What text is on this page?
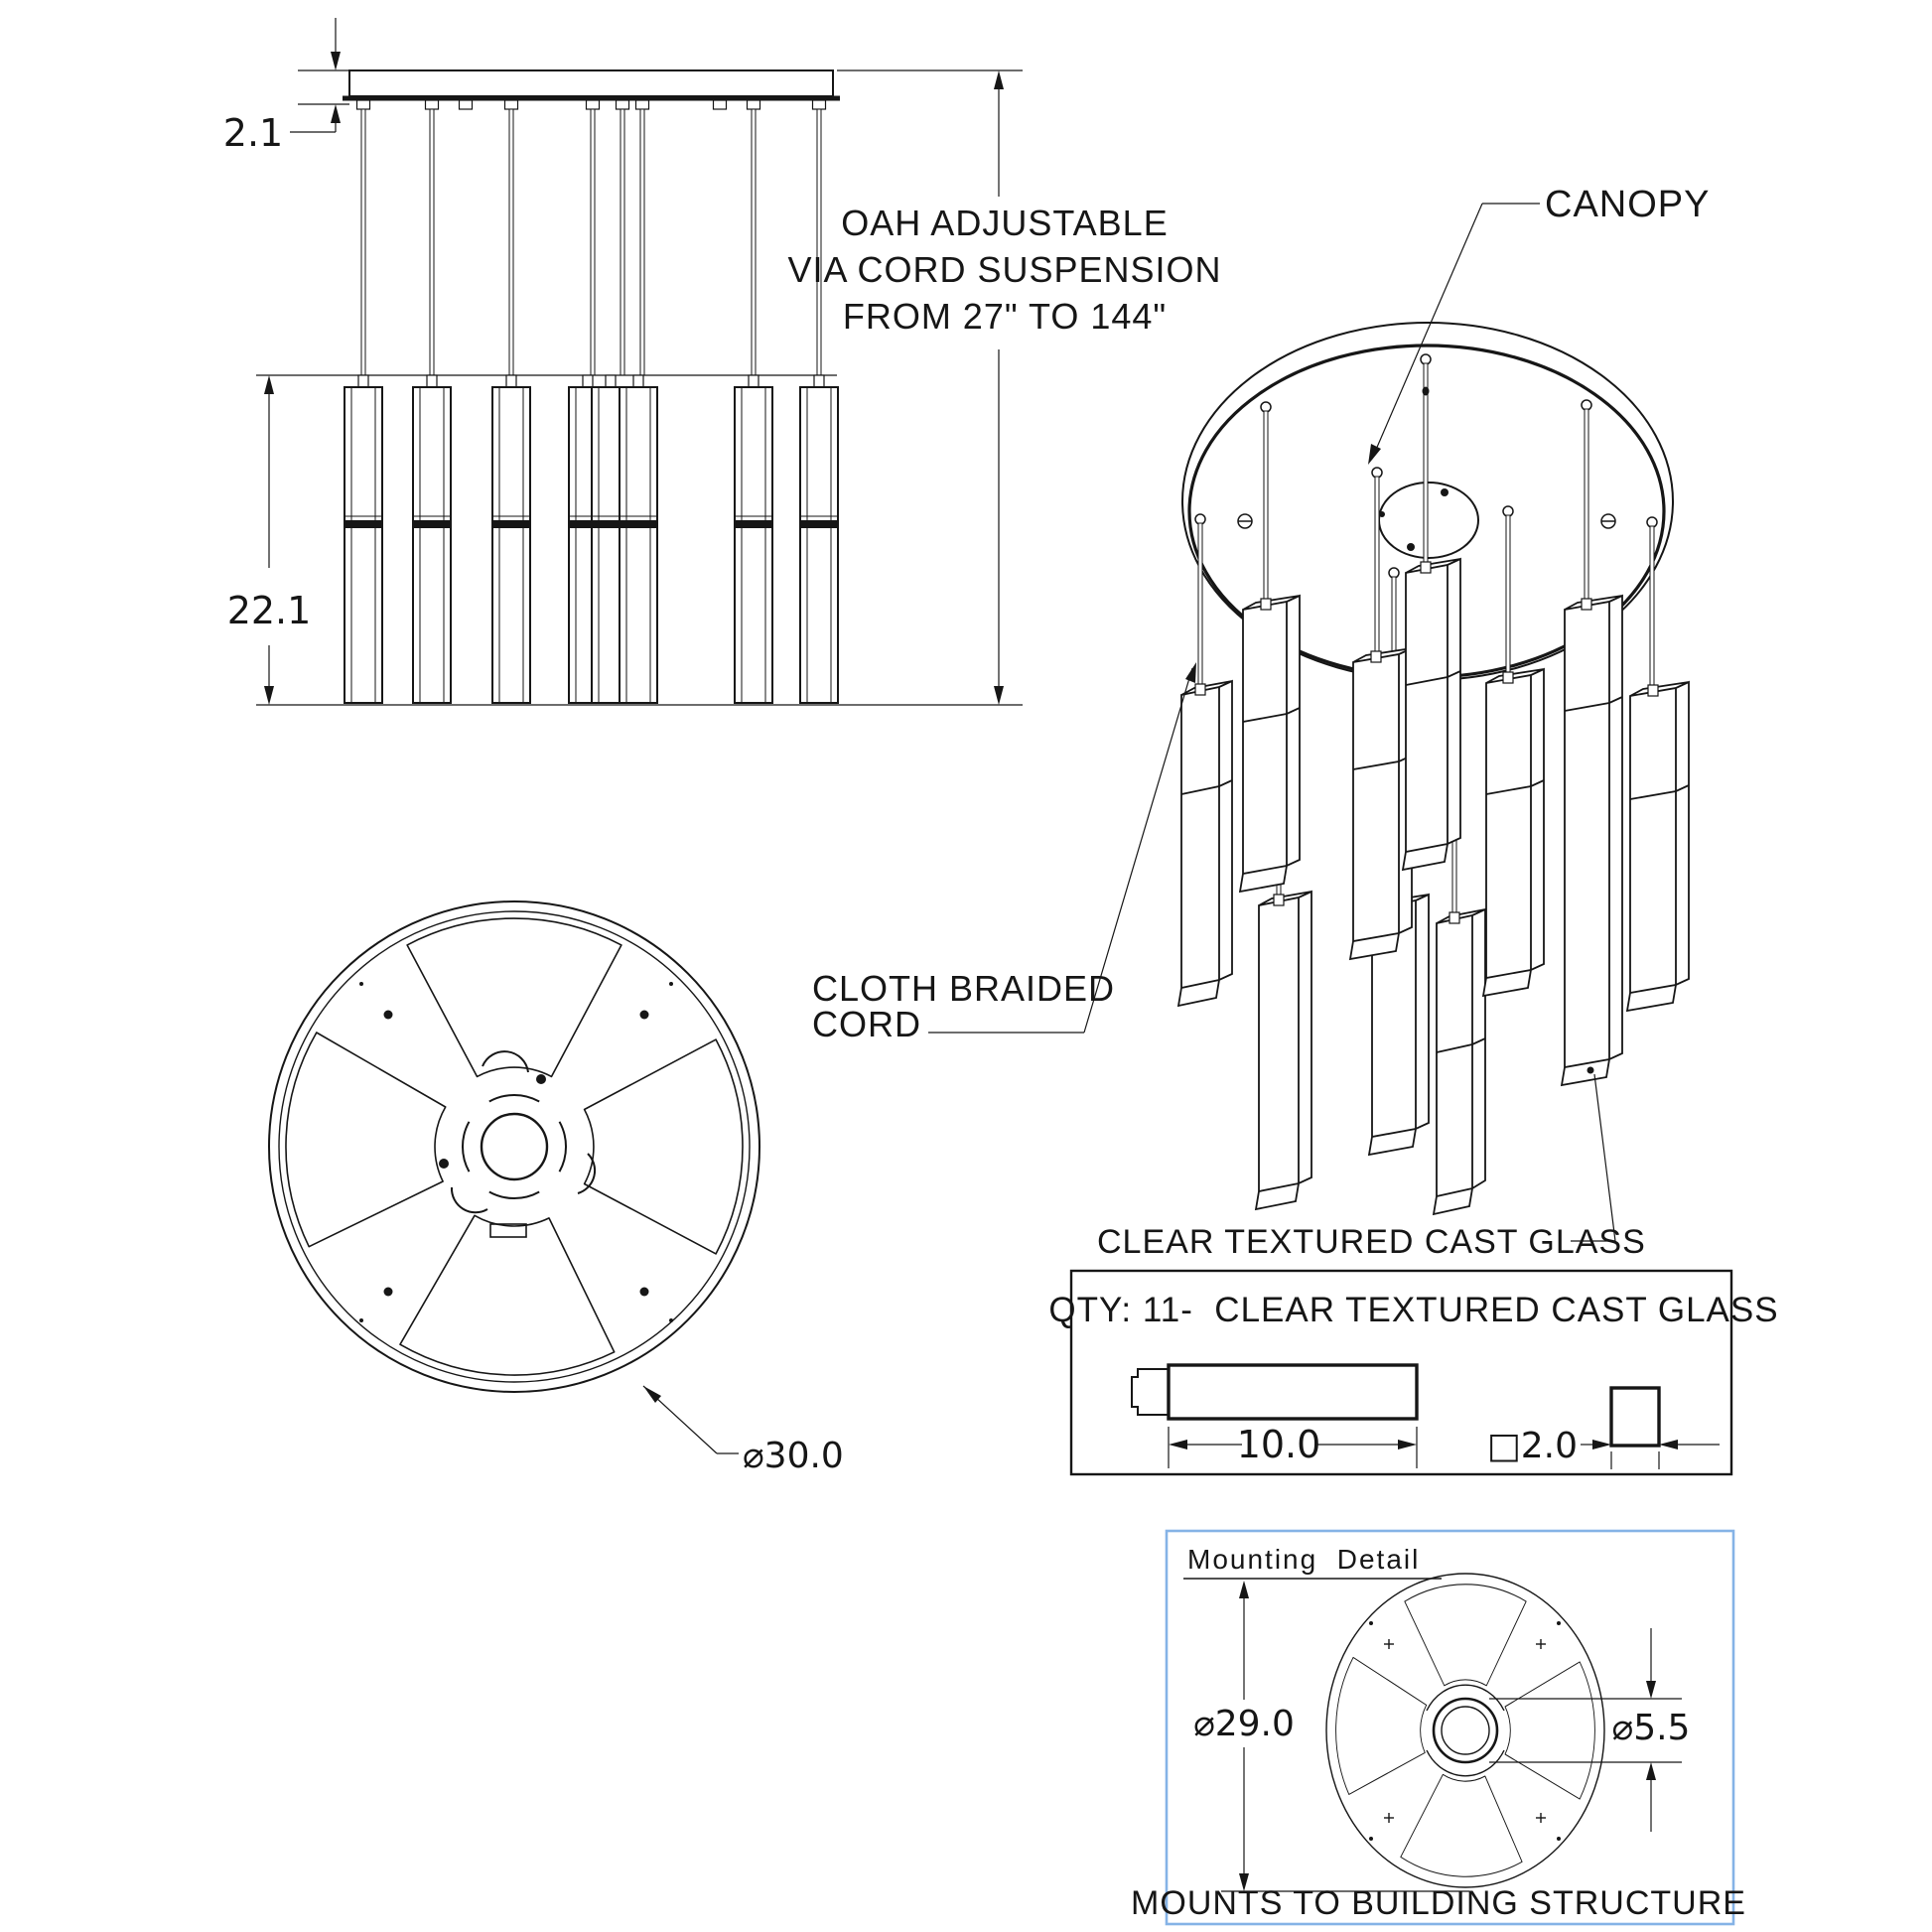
2.1
22.1
OAH ADJUSTABLE
VIA CORD SUSPENSION
FROM 27" TO 144"
CANOPY
CLOTH BRAIDED
CORD
CLEAR TEXTURED CAST GLASS
⌀30.0
QTY: 11-  CLEAR TEXTURED CAST GLASS
10.0	□2.0
Mounting  Detail
⌀29.0	⌀5.5
MOUNTS TO BUILDING STRUCTURE
